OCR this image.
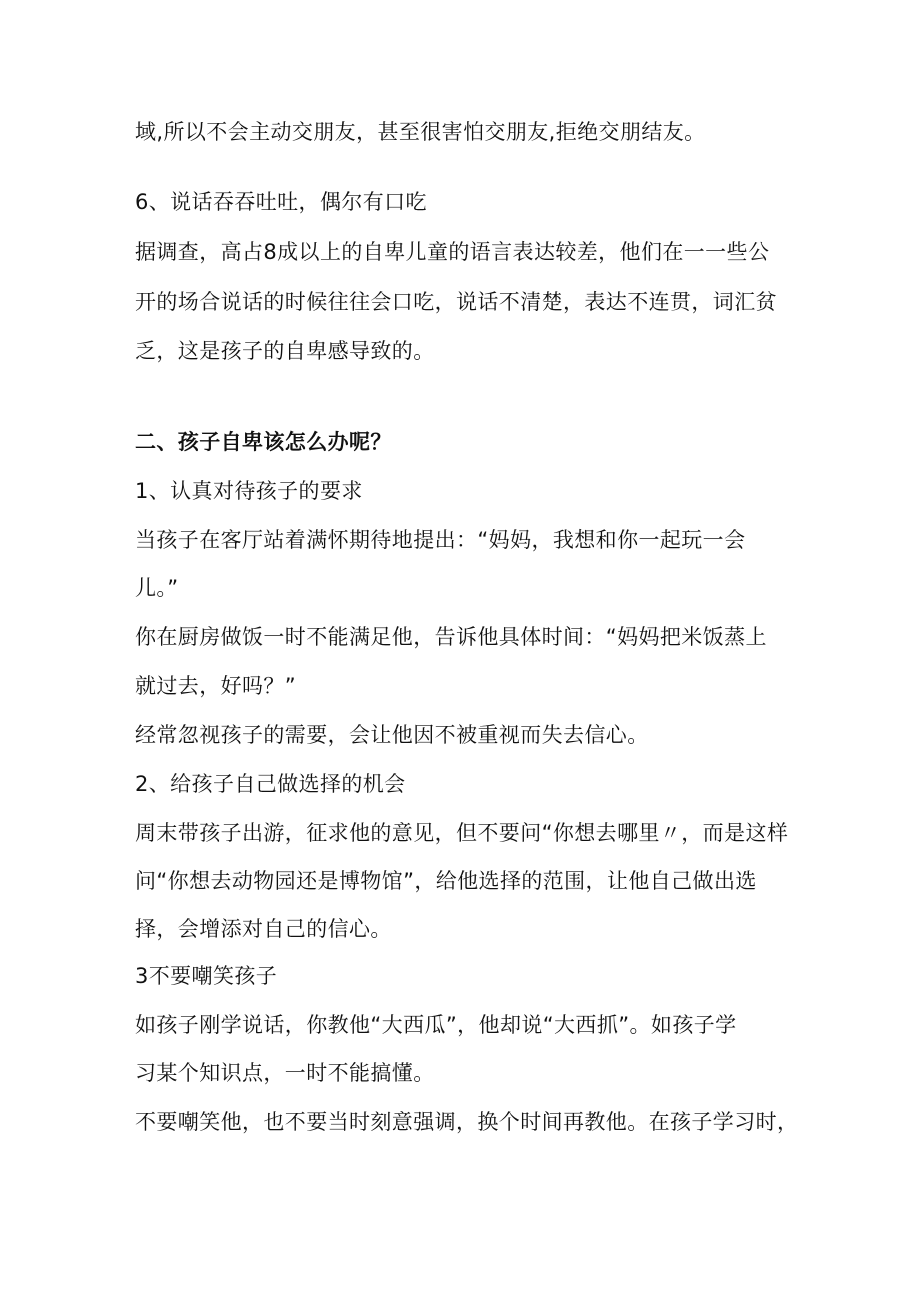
域,所以不会主动交朋友，甚至很害怕交朋友,拒绝交朋结友。
6、说话吞吞吐吐，偶尔有口吃
据调查，高占8成以上的自卑儿童的语言表达较差，他们在一一些公
开的场合说话的时候往往会口吃，说话不清楚，表达不连贯，词汇贫
乏，这是孩子的自卑感导致的。
二、孩子自卑该怎么办呢？
1、认真对待孩子的要求
当孩子在客厅站着满怀期待地提出：“妈妈，我想和你一起玩一会
儿。”
你在厨房做饭一时不能满足他，告诉他具体时间：“妈妈把米饭蒸上
就过去，好吗？”
经常忽视孩子的需要，会让他因不被重视而失去信心。
2、给孩子自己做选择的机会
周末带孩子出游，征求他的意见，但不要问“你想去哪里〃，而是这样
问“你想去动物园还是博物馆”，给他选择的范围，让他自己做出选
择，会增添对自己的信心。
3不要嘲笑孩子
如孩子刚学说话，你教他“大西瓜”，他却说“大西抓”。如孩子学
习某个知识点，一时不能搞懂。
不要嘲笑他，也不要当时刻意强调，换个时间再教他。在孩子学习时，
